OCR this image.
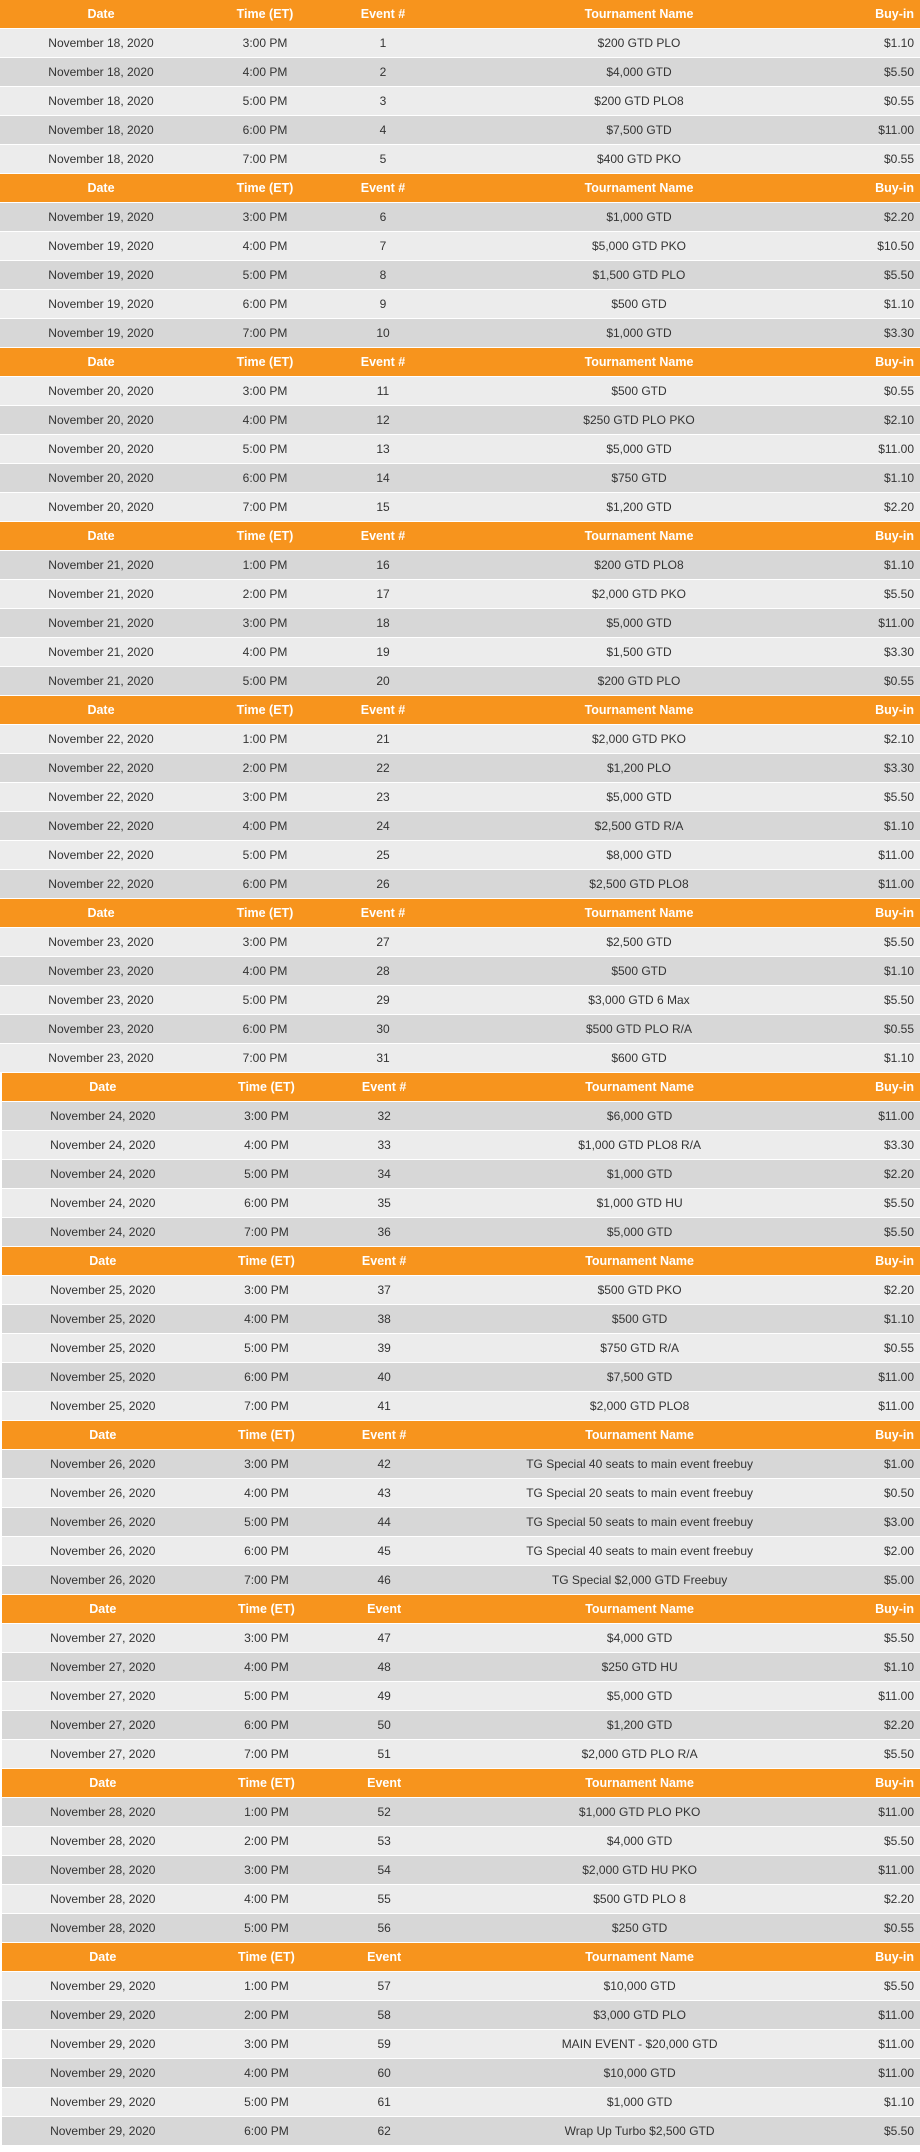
Date	Time (ET)	Event #	Tournament Name	Buy-in
November 18, 2020	3:00 PM	1	$200 GTD PLO	$1.10
November 18, 2020	4:00 PM	2	$4,000 GTD	$5.50
November 18, 2020	5:00 PM	3	$200 GTD PLO8	$0.55
November 18, 2020	6:00 PM	4	$7,500 GTD	$11.00
November 18, 2020	7:00 PM	5	$400 GTD PKO	$0.55
Date	Time (ET)	Event #	Tournament Name	Buy-in
November 19, 2020	3:00 PM	6	$1,000 GTD	$2.20
November 19, 2020	4:00 PM	7	$5,000 GTD PKO	$10.50
November 19, 2020	5:00 PM	8	$1,500 GTD PLO	$5.50
November 19, 2020	6:00 PM	9	$500 GTD	$1.10
November 19, 2020	7:00 PM	10	$1,000 GTD	$3.30
Date	Time (ET)	Event #	Tournament Name	Buy-in
November 20, 2020	3:00 PM	11	$500 GTD	$0.55
November 20, 2020	4:00 PM	12	$250 GTD PLO PKO	$2.10
November 20, 2020	5:00 PM	13	$5,000 GTD	$11.00
November 20, 2020	6:00 PM	14	$750 GTD	$1.10
November 20, 2020	7:00 PM	15	$1,200 GTD	$2.20
Date	Time (ET)	Event #	Tournament Name	Buy-in
November 21, 2020	1:00 PM	16	$200 GTD PLO8	$1.10
November 21, 2020	2:00 PM	17	$2,000 GTD PKO	$5.50
November 21, 2020	3:00 PM	18	$5,000 GTD	$11.00
November 21, 2020	4:00 PM	19	$1,500 GTD	$3.30
November 21, 2020	5:00 PM	20	$200 GTD PLO	$0.55
Date	Time (ET)	Event #	Tournament Name	Buy-in
November 22, 2020	1:00 PM	21	$2,000 GTD PKO	$2.10
November 22, 2020	2:00 PM	22	$1,200 PLO	$3.30
November 22, 2020	3:00 PM	23	$5,000 GTD	$5.50
November 22, 2020	4:00 PM	24	$2,500 GTD R/A	$1.10
November 22, 2020	5:00 PM	25	$8,000 GTD	$11.00
November 22, 2020	6:00 PM	26	$2,500 GTD PLO8	$11.00
Date	Time (ET)	Event #	Tournament Name	Buy-in
November 23, 2020	3:00 PM	27	$2,500 GTD	$5.50
November 23, 2020	4:00 PM	28	$500 GTD	$1.10
November 23, 2020	5:00 PM	29	$3,000 GTD 6 Max	$5.50
November 23, 2020	6:00 PM	30	$500 GTD PLO R/A	$0.55
November 23, 2020	7:00 PM	31	$600 GTD	$1.10
Date	Time (ET)	Event #	Tournament Name	Buy-in
November 24, 2020	3:00 PM	32	$6,000 GTD	$11.00
November 24, 2020	4:00 PM	33	$1,000 GTD PLO8 R/A	$3.30
November 24, 2020	5:00 PM	34	$1,000 GTD	$2.20
November 24, 2020	6:00 PM	35	$1,000 GTD HU	$5.50
November 24, 2020	7:00 PM	36	$5,000 GTD	$5.50
Date	Time (ET)	Event #	Tournament Name	Buy-in
November 25, 2020	3:00 PM	37	$500 GTD PKO	$2.20
November 25, 2020	4:00 PM	38	$500 GTD	$1.10
November 25, 2020	5:00 PM	39	$750 GTD R/A	$0.55
November 25, 2020	6:00 PM	40	$7,500 GTD	$11.00
November 25, 2020	7:00 PM	41	$2,000 GTD PLO8	$11.00
Date	Time (ET)	Event #	Tournament Name	Buy-in
November 26, 2020	3:00 PM	42	TG Special 40 seats to main event freebuy	$1.00
November 26, 2020	4:00 PM	43	TG Special 20 seats to main event freebuy	$0.50
November 26, 2020	5:00 PM	44	TG Special 50 seats to main event freebuy	$3.00
November 26, 2020	6:00 PM	45	TG Special 40 seats to main event freebuy	$2.00
November 26, 2020	7:00 PM	46	TG Special $2,000 GTD Freebuy	$5.00
Date	Time (ET)	Event	Tournament Name	Buy-in
November 27, 2020	3:00 PM	47	$4,000 GTD	$5.50
November 27, 2020	4:00 PM	48	$250 GTD HU	$1.10
November 27, 2020	5:00 PM	49	$5,000 GTD	$11.00
November 27, 2020	6:00 PM	50	$1,200 GTD	$2.20
November 27, 2020	7:00 PM	51	$2,000 GTD PLO R/A	$5.50
Date	Time (ET)	Event	Tournament Name	Buy-in
November 28, 2020	1:00 PM	52	$1,000 GTD PLO PKO	$11.00
November 28, 2020	2:00 PM	53	$4,000 GTD	$5.50
November 28, 2020	3:00 PM	54	$2,000 GTD HU PKO	$11.00
November 28, 2020	4:00 PM	55	$500 GTD PLO 8	$2.20
November 28, 2020	5:00 PM	56	$250 GTD	$0.55
Date	Time (ET)	Event	Tournament Name	Buy-in
November 29, 2020	1:00 PM	57	$10,000 GTD	$5.50
November 29, 2020	2:00 PM	58	$3,000 GTD PLO	$11.00
November 29, 2020	3:00 PM	59	MAIN EVENT - $20,000 GTD	$11.00
November 29, 2020	4:00 PM	60	$10,000 GTD	$11.00
November 29, 2020	5:00 PM	61	$1,000 GTD	$1.10
November 29, 2020	6:00 PM	62	Wrap Up Turbo $2,500 GTD	$5.50
